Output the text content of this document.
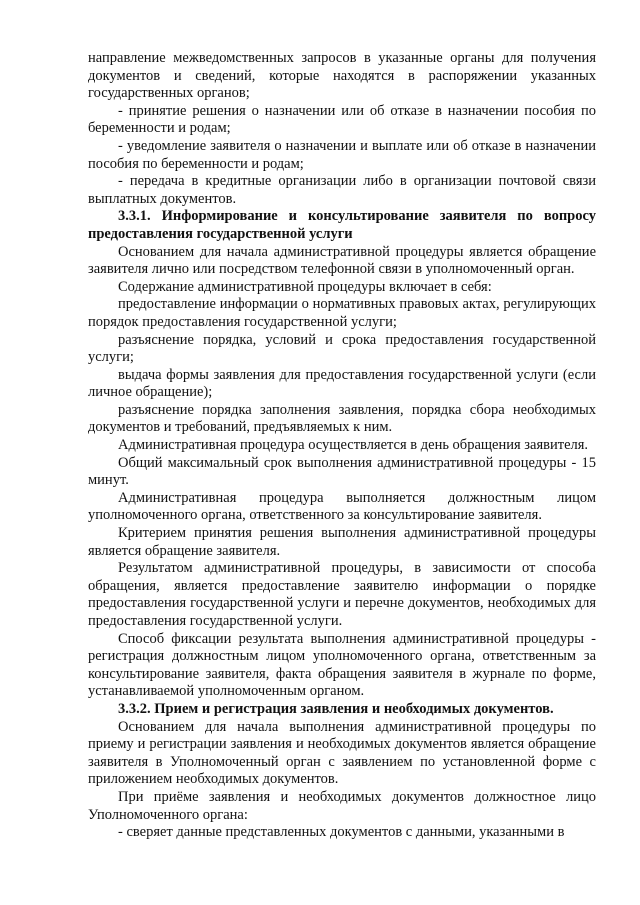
направление межведомственных запросов в указанные органы для получения документов и сведений, которые находятся в распоряжении указанных государственных органов;

- принятие решения о назначении или об отказе в назначении пособия по беременности и родам;

- уведомление заявителя о назначении и выплате или об отказе в назначении пособия по беременности и родам;

- передача в кредитные организации либо в организации почтовой связи выплатных документов.

3.3.1. Информирование и консультирование заявителя по вопросу предоставления государственной услуги

Основанием для начала административной процедуры является обращение заявителя лично или посредством телефонной связи в уполномоченный орган.

Содержание административной процедуры включает в себя:

предоставление информации о нормативных правовых актах, регулирующих порядок предоставления государственной услуги;

разъяснение порядка, условий и срока предоставления государственной услуги;

выдача формы заявления для предоставления государственной услуги (если личное обращение);

разъяснение порядка заполнения заявления, порядка сбора необходимых документов и требований, предъявляемых к ним.

Административная процедура осуществляется в день обращения заявителя.

Общий максимальный срок выполнения административной процедуры - 15 минут.

Административная процедура выполняется должностным лицом уполномоченного органа, ответственного за консультирование заявителя.

Критерием принятия решения выполнения административной процедуры является обращение заявителя.

Результатом административной процедуры, в зависимости от способа обращения, является предоставление заявителю информации о порядке предоставления государственной услуги и перечне документов, необходимых для предоставления государственной услуги.

Способ фиксации результата выполнения административной процедуры - регистрация должностным лицом уполномоченного органа, ответственным за консультирование заявителя, факта обращения заявителя в журнале по форме, устанавливаемой уполномоченным органом.

3.3.2. Прием и регистрация заявления и необходимых документов.

Основанием для начала выполнения административной процедуры по приему и регистрации заявления и необходимых документов является обращение заявителя в Уполномоченный орган с заявлением по установленной форме с приложением необходимых документов.

При приёме заявления и необходимых документов должностное лицо Уполномоченного органа:

- сверяет данные представленных документов с данными, указанными в
